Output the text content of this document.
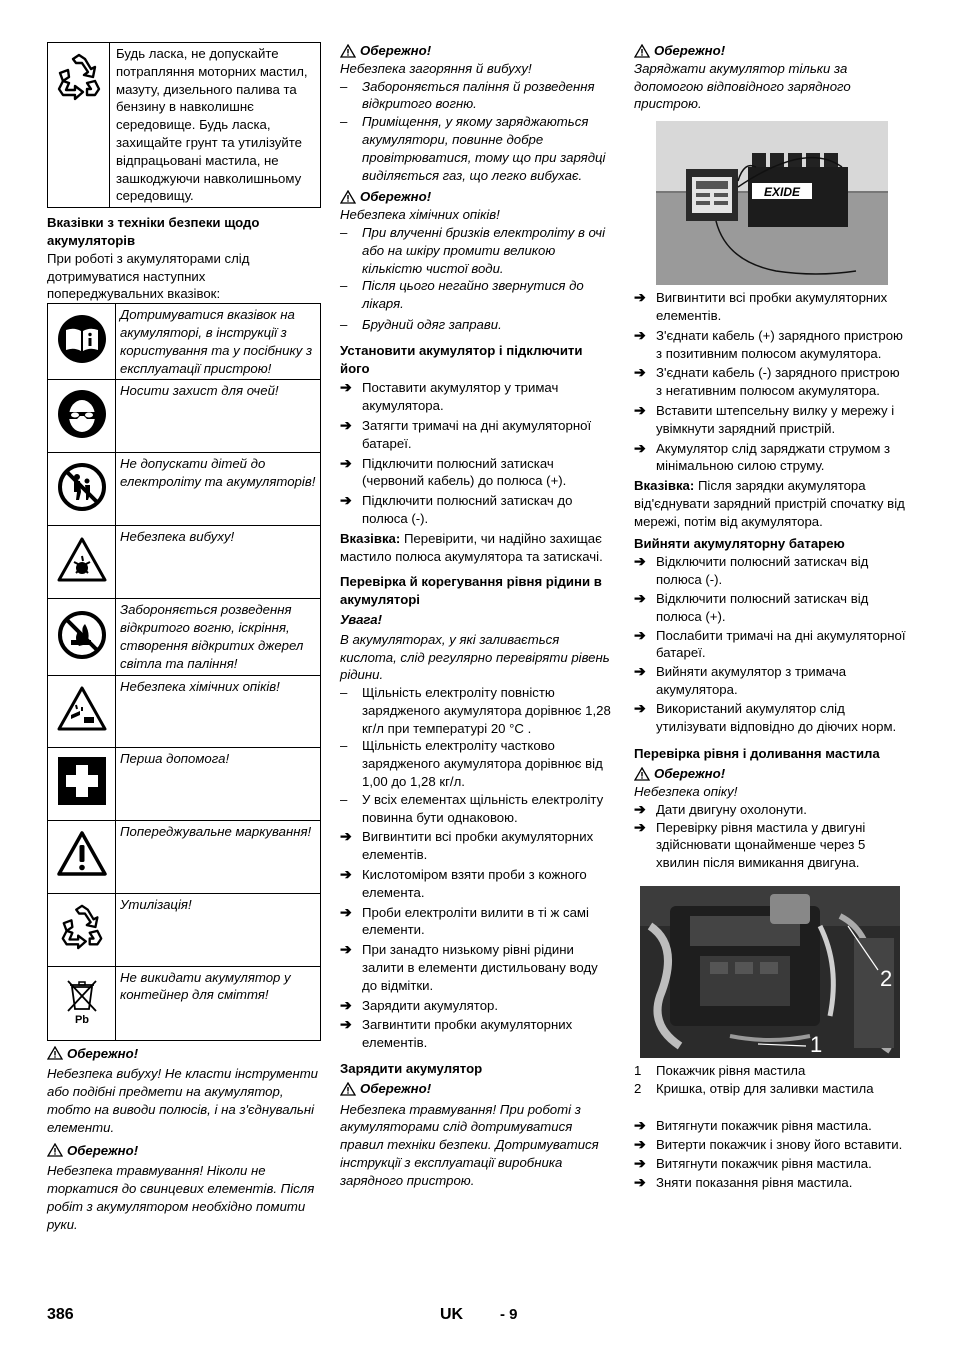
	Будь ласка, не допускайте потрапляння моторних мастил, мазуту, дизельного палива та бензину в навколишнє середовище. Будь ласка, захищайте грунт та утилізуйте відпрацьовані мастила, не зашкоджуючи навколишньому середовищу.
Вказівки з техніки безпеки щодо акумуляторів
При роботі з акумуляторами слід дотримуватися наступних попереджувальних вказівок:
	Дотримуватися вказівок на акумуляторі, в інструкції з користування та у посібнику з експлуатації пристрою!
	Носити захист для очей!
	Не допускати дітей до електроліту та акумуляторів!
	Небезпека вибуху!
	Забороняється розведення відкритого вогню, іскріння, створення відкритих джерел світла та паління!
	Небезпека хімічних опіків!
	Перша допомога!
	Попереджувальне маркування!
	Утилізація!

Pb	Не викидати акумулятор у контейнер для сміття!
Обережно!
Небезпека вибуху! Не класти інструменти або подібні предмети на акумулятор, тобто на виводи полюсів, і на з'єднувальні елементи.
Обережно!
Небезпека травмування! Ніколи не торкатися до свинцевих елементів. Після робіт з акумулятором необхідно помити руки.
Обережно!
Небезпека загоряння й вибуху!
–	Забороняється паління й розведення відкритого вогню.
–	Приміщення, у якому заряджаються акумулятори, повинне добре провітрюватися, тому що при зарядці виділяється газ, що легко вибухає.
Обережно!
Небезпека хімічних опіків!
–	При влученні бризків електроліту в очі або на шкіру промити великою кількістю чистої води.
–	Після цього негайно звернутися до лікаря.
–	Брудний одяг заправи.
Установити акумулятор і підключити його
➔ Поставити акумулятор у тримач акумулятора.
➔ Затягти тримачі на дні акумуляторної батареї.
➔ Підключити полюсний затискач (червоний кабель) до полюса (+).
➔ Підключити полюсний затискач до полюса (-).
Вказівка: Перевірити, чи надійно захищає мастило полюса акумулятора та затискачі.
Перевірка й корегування рівня рідини в акумуляторі
Увага!
В акумуляторах, у які заливається кислота, слід регулярно перевіряти рівень рідини.
–	Щільність електроліту повністю зарядженого акумулятора дорівнює 1,28 кг/л при температурі 20 °C .
–	Щільність електроліту частково зарядженого акумулятора дорівнює від 1,00 до 1,28 кг/л.
–	У всіх елементах щільність електроліту повинна бути однаковою.
➔ Вигвинтити всі пробки акумуляторних елементів.
➔ Кислотоміром взяти проби з кожного елемента.
➔ Проби електроліти вилити в ті ж самі елементи.
➔ При занадто низькому рівні рідини залити в елементи дистильовану воду до відмітки.
➔ Зарядити акумулятор.
➔ Загвинтити пробки акумуляторних елементів.
Зарядити акумулятор
Обережно!
Небезпека травмування! При роботі з акумуляторами слід дотримуватися правил техніки безпеки. Дотримуватися інструкції з експлуатації виробника зарядного пристрою.
Обережно!
Заряджати акумулятор тільки за допомогою відповідного зарядного пристрою.
EXIDE
➔ Вигвинтити всі пробки акумуляторних елементів.
➔ З'єднати кабель (+) зарядного пристрою з позитивним полюсом акумулятора.
➔ З'єднати кабель (-) зарядного пристрою з негативним полюсом акумулятора.
➔ Вставити штепсельну вилку у мережу і увімкнути зарядний пристрій.
➔ Акумулятор слід заряджати струмом з мінімальною силою струму.
Вказівка: Після зарядки акумулятора від'єднувати зарядний пристрій спочатку від мережі, потім від акумулятора.
Вийняти акумуляторну батарею
➔ Відключити полюсний затискач від полюса (-).
➔ Відключити полюсний затискач від полюса (+).
➔ Послабити тримачі на дні акумуляторної батареї.
➔ Вийняти акумулятор з тримача акумулятора.
➔ Використаний акумулятор слід утилізувати відповідно до діючих норм.
Перевірка рівня і доливання мастила
Обережно!
Небезпека опіку!
➔ Дати двигуну охолонути.
➔ Перевірку рівня мастила у двигуні здійснювати щонайменше через 5 хвилин після вимикання двигуна.
2
1
1 Покажчик рівня мастила
2 Кришка, отвір для заливки мастила
➔ Витягнути покажчик рівня мастила.
➔ Витерти покажчик і знову його вставити.
➔ Витягнути покажчик рівня мастила.
➔ Зняти показання рівня мастила.
386	UK - 9
